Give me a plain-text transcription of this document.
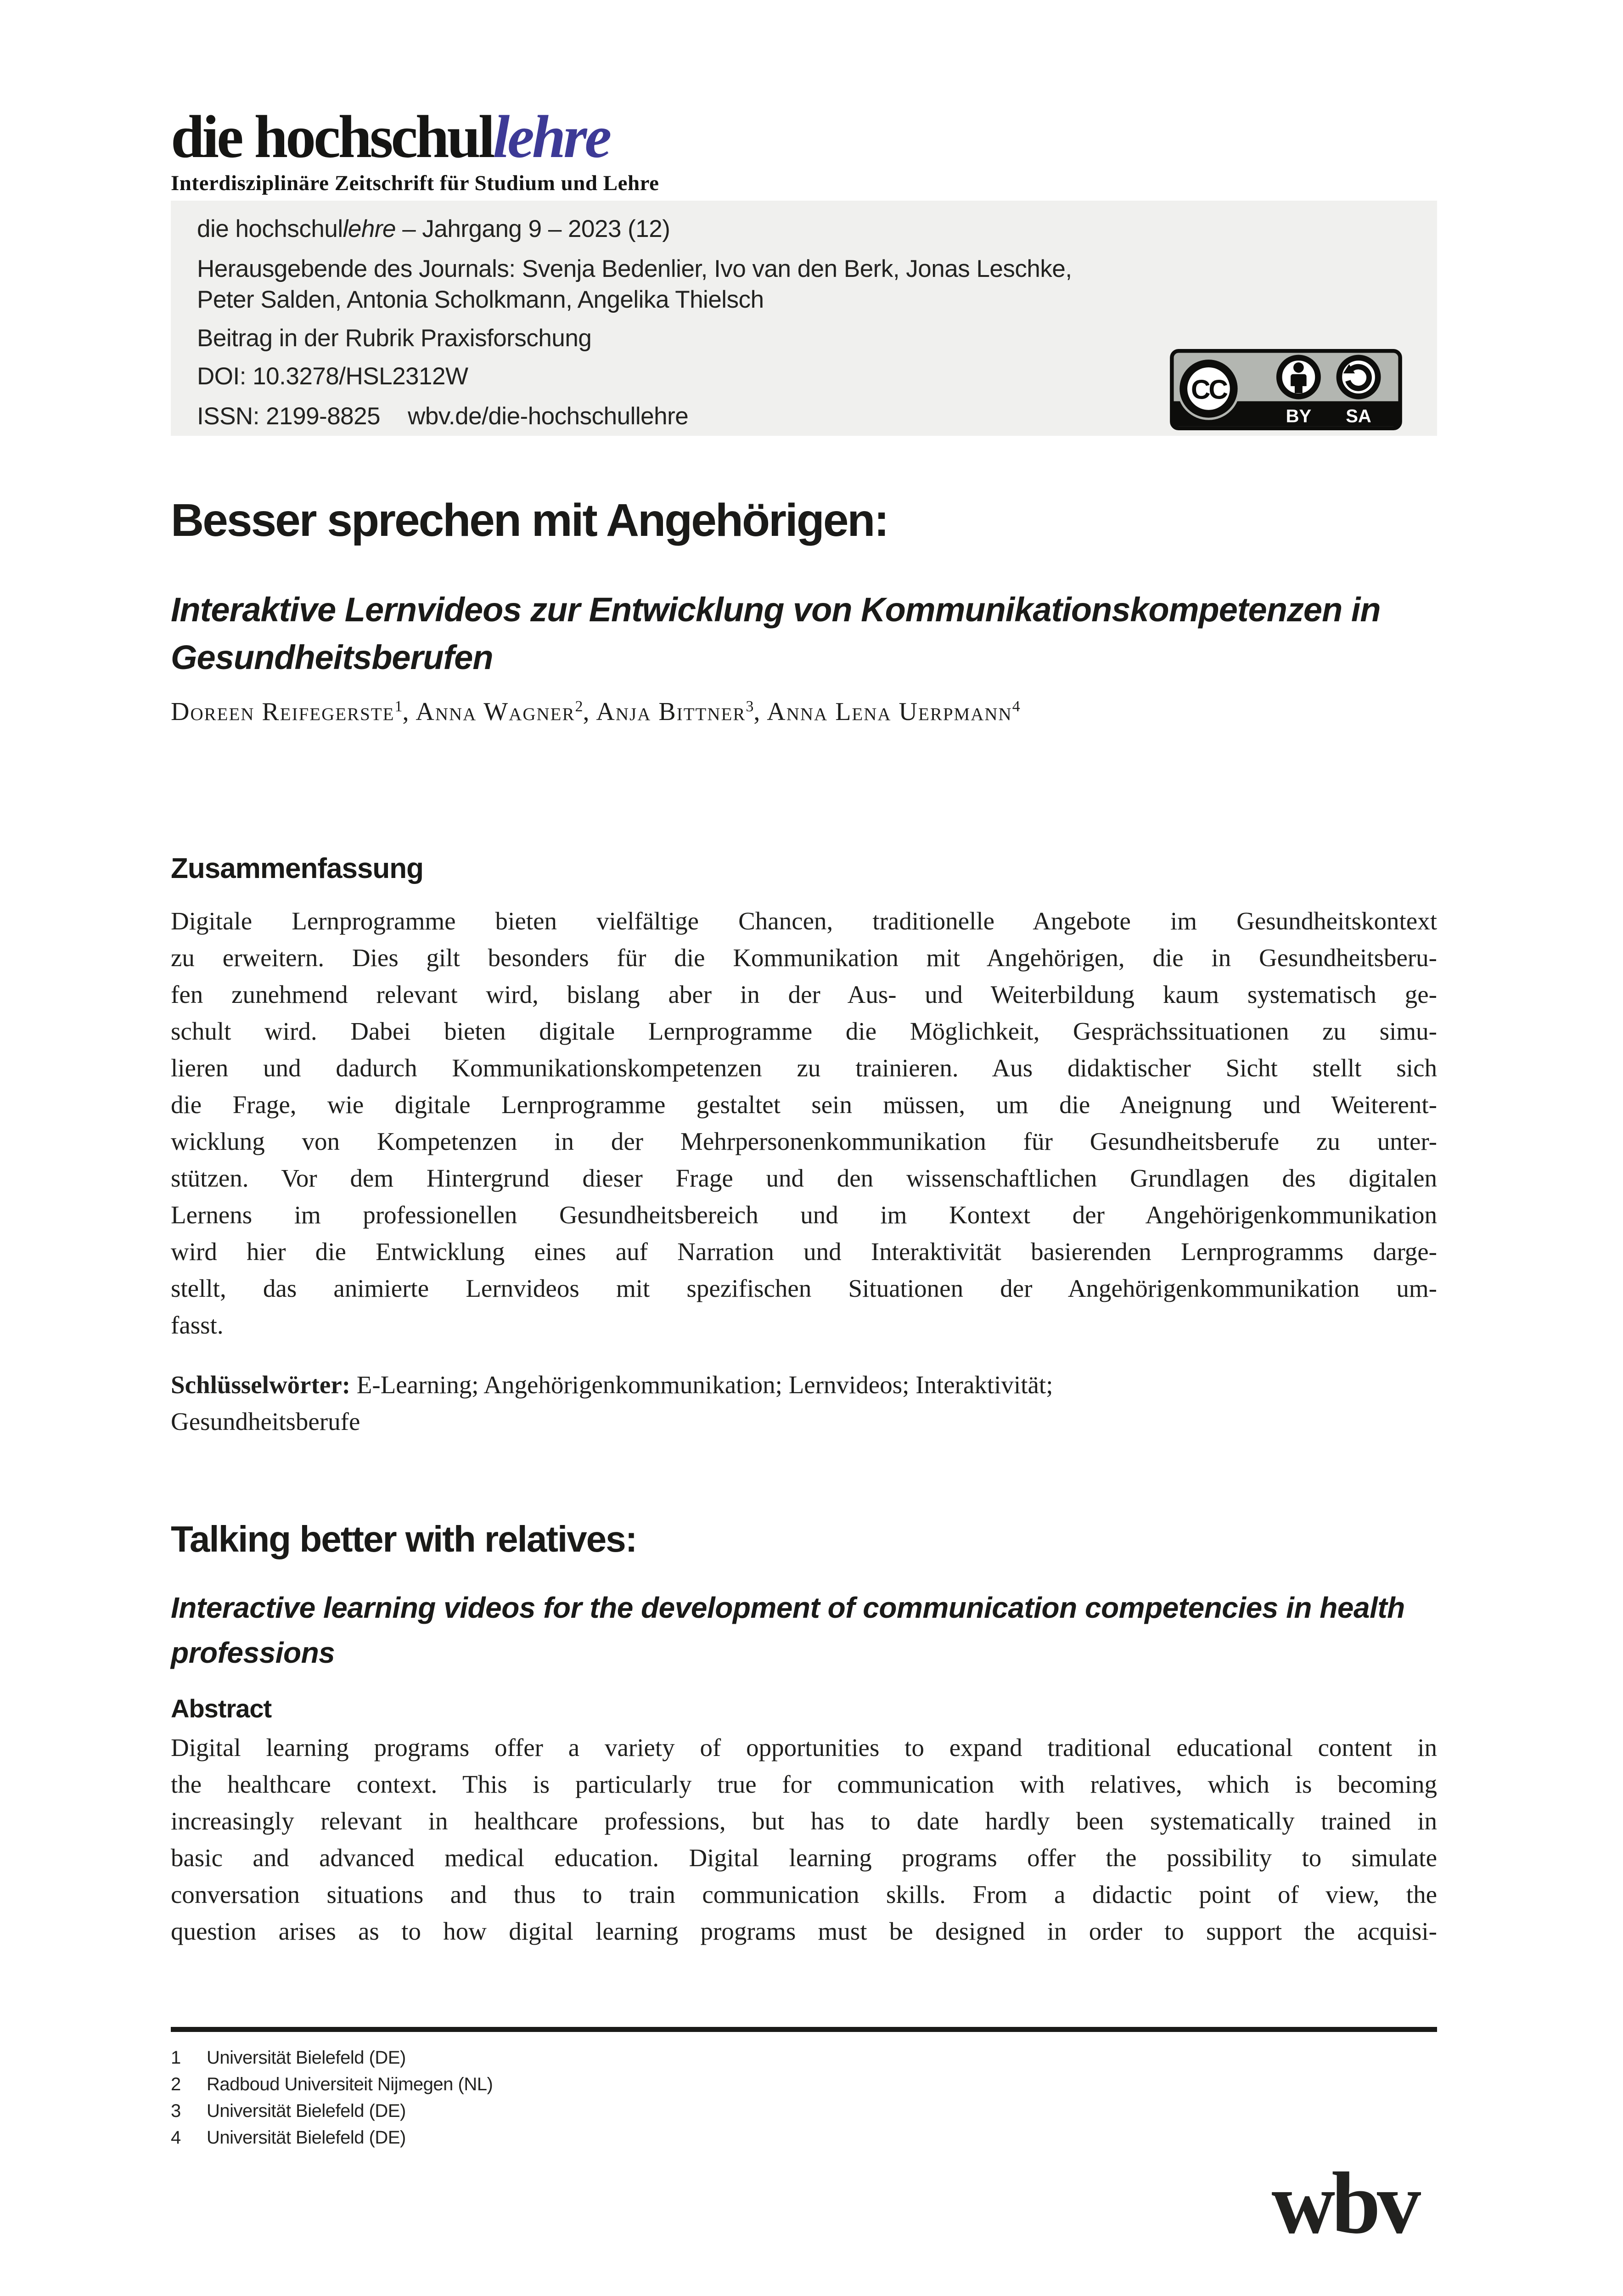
die hochschullehre
Interdisziplinäre Zeitschrift für Studium und Lehre
die hochschullehre – Jahrgang 9 – 2023 (12)
Herausgebende des Journals: Svenja Bedenlier, Ivo van den Berk, Jonas Leschke,
Peter Salden, Antonia Scholkmann, Angelika Thielsch
Beitrag in der Rubrik Praxisforschung
DOI: 10.3278/HSL2312W
ISSN: 2199-8825 wbv.de/die-hochschullehre
CC
BY	SA
Besser sprechen mit Angehörigen:
Interaktive Lernvideos zur Entwicklung von Kommunikationskompetenzen in
Gesundheitsberufen
Doreen Reifegerste$^1$, Anna Wagner$^2$, Anja Bittner$^3$, Anna Lena Uerpmann$^4$
Zusammenfassung
Digitale Lernprogramme bieten vielfältige Chancen, traditionelle Angebote im Gesundheitskontext
zu erweitern. Dies gilt besonders für die Kommunikation mit Angehörigen, die in Gesundheitsberu-
fen zunehmend relevant wird, bislang aber in der Aus- und Weiterbildung kaum systematisch ge-
schult wird. Dabei bieten digitale Lernprogramme die Möglichkeit, Gesprächssituationen zu simu-
lieren und dadurch Kommunikationskompetenzen zu trainieren. Aus didaktischer Sicht stellt sich
die Frage, wie digitale Lernprogramme gestaltet sein müssen, um die Aneignung und Weiterent-
wicklung von Kompetenzen in der Mehrpersonenkommunikation für Gesundheitsberufe zu unter-
stützen. Vor dem Hintergrund dieser Frage und den wissenschaftlichen Grundlagen des digitalen
Lernens im professionellen Gesundheitsbereich und im Kontext der Angehörigenkommunikation
wird hier die Entwicklung eines auf Narration und Interaktivität basierenden Lernprogramms darge-
stellt, das animierte Lernvideos mit spezifischen Situationen der Angehörigenkommunikation um-
fasst.
Schlüsselwörter: E-Learning; Angehörigenkommunikation; Lernvideos; Interaktivität;
Gesundheitsberufe
Talking better with relatives:
Interactive learning videos for the development of communication competencies in health
professions
Abstract
Digital learning programs offer a variety of opportunities to expand traditional educational content in
the healthcare context. This is particularly true for communication with relatives, which is becoming
increasingly relevant in healthcare professions, but has to date hardly been systematically trained in
basic and advanced medical education. Digital learning programs offer the possibility to simulate
conversation situations and thus to train communication skills. From a didactic point of view, the
question arises as to how digital learning programs must be designed in order to support the acquisi-
1	Universität Bielefeld (DE)
2	Radboud Universiteit Nijmegen (NL)
3	Universität Bielefeld (DE)
4	Universität Bielefeld (DE)
wbv
